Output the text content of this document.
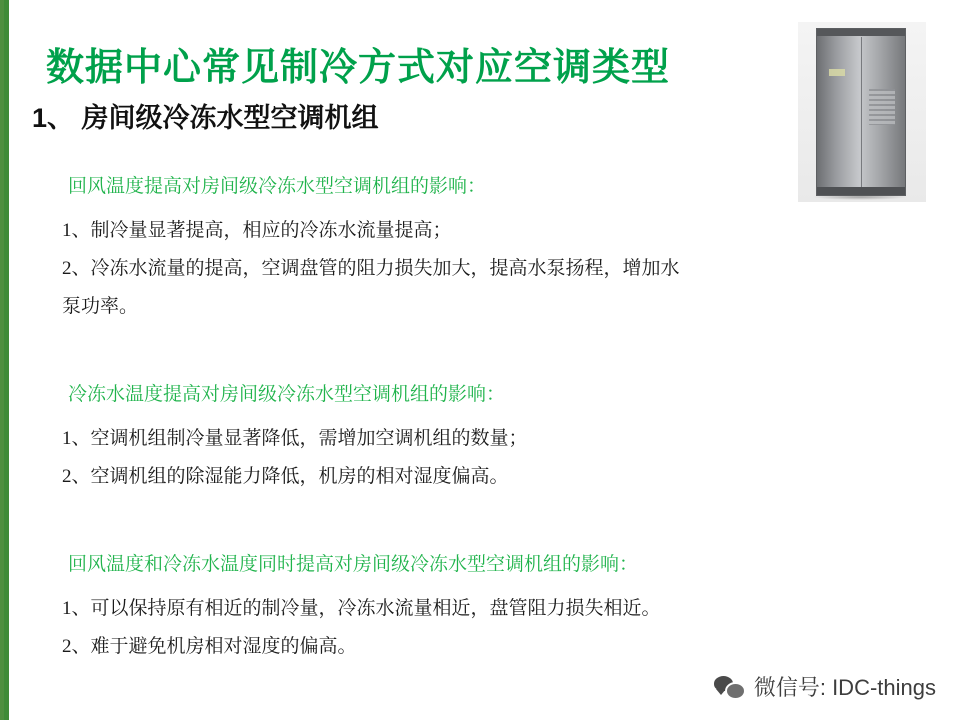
数据中心常见制冷方式对应空调类型
1、 房间级冷冻水型空调机组
回风温度提高对房间级冷冻水型空调机组的影响：
1、制冷量显著提高，相应的冷冻水流量提高；
2、冷冻水流量的提高，空调盘管的阻力损失加大，提高水泵扬程，增加水
泵功率。
冷冻水温度提高对房间级冷冻水型空调机组的影响：
1、空调机组制冷量显著降低，需增加空调机组的数量；
2、空调机组的除湿能力降低，机房的相对湿度偏高。
回风温度和冷冻水温度同时提高对房间级冷冻水型空调机组的影响：
1、可以保持原有相近的制冷量，冷冻水流量相近，盘管阻力损失相近。
2、难于避免机房相对湿度的偏高。
微信号: IDC-things
